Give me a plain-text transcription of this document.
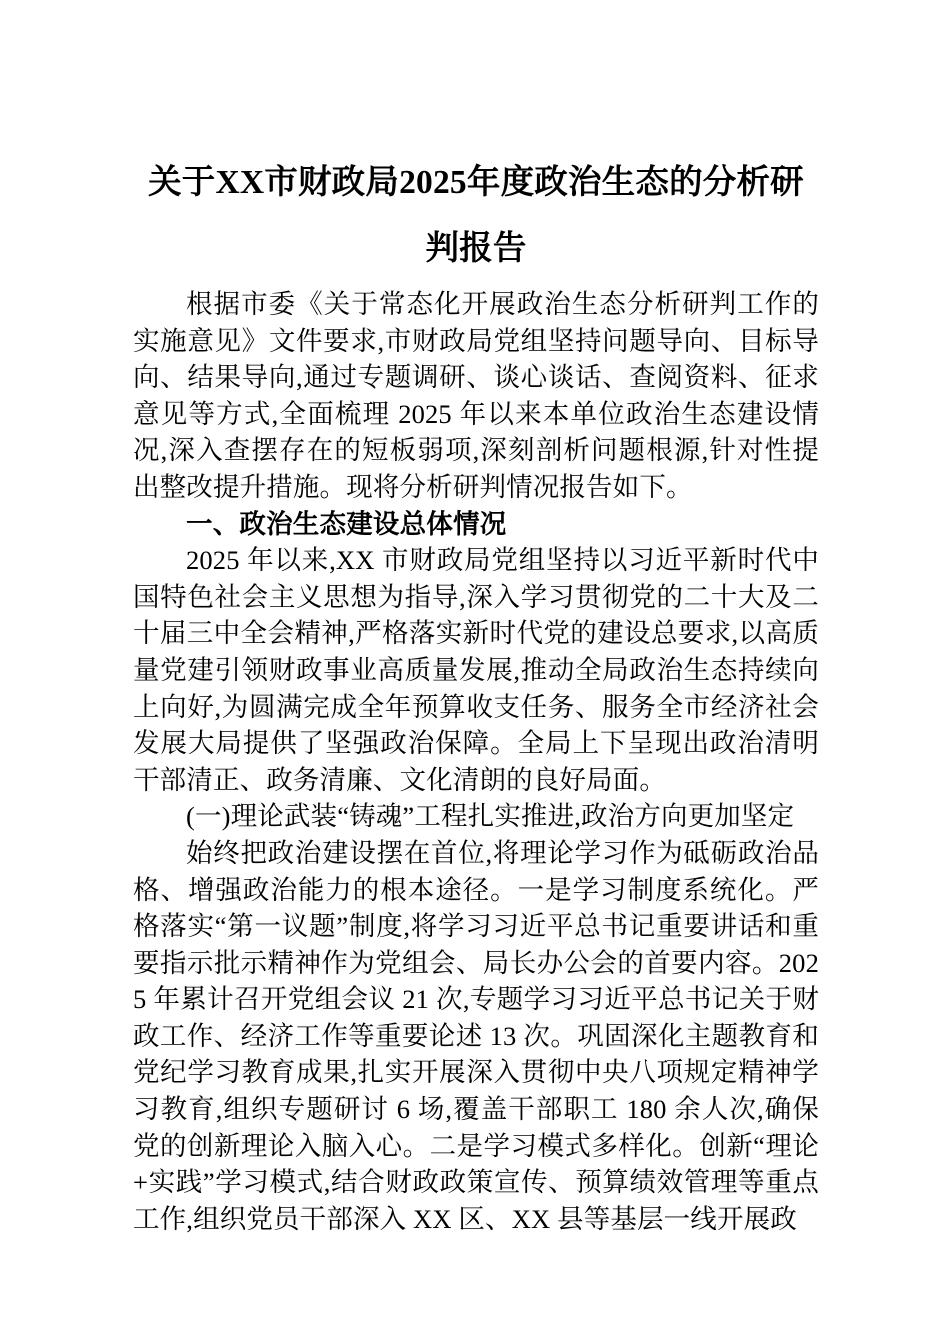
关于XX市财政局2025年度政治生态的分析研判报告

根据市委《关于常态化开展政治生态分析研判工作的实施意见》文件要求,市财政局党组坚持问题导向、目标导向、结果导向,通过专题调研、谈心谈话、查阅资料、征求意见等方式,全面梳理 2025 年以来本单位政治生态建设情况,深入查摆存在的短板弱项,深刻剖析问题根源,针对性提出整改提升措施。现将分析研判情况报告如下。

一、政治生态建设总体情况

2025 年以来,XX 市财政局党组坚持以习近平新时代中国特色社会主义思想为指导,深入学习贯彻党的二十大及二十届三中全会精神,严格落实新时代党的建设总要求,以高质量党建引领财政事业高质量发展,推动全局政治生态持续向上向好,为圆满完成全年预算收支任务、服务全市经济社会发展大局提供了坚强政治保障。全局上下呈现出政治清明干部清正、政务清廉、文化清朗的良好局面。

(一)理论武装“铸魂”工程扎实推进,政治方向更加坚定

始终把政治建设摆在首位,将理论学习作为砥砺政治品格、增强政治能力的根本途径。一是学习制度系统化。严格落实“第一议题”制度,将学习习近平总书记重要讲话和重要指示批示精神作为党组会、局长办公会的首要内容。2025 年累计召开党组会议 21 次,专题学习习近平总书记关于财政工作、经济工作等重要论述 13 次。巩固深化主题教育和党纪学习教育成果,扎实开展深入贯彻中央八项规定精神学习教育,组织专题研讨 6 场,覆盖干部职工 180 余人次,确保党的创新理论入脑入心。二是学习模式多样化。创新“理论+实践”学习模式,结合财政政策宣传、预算绩效管理等重点工作,组织党员干部深入 XX 区、XX 县等基层一线开展政
